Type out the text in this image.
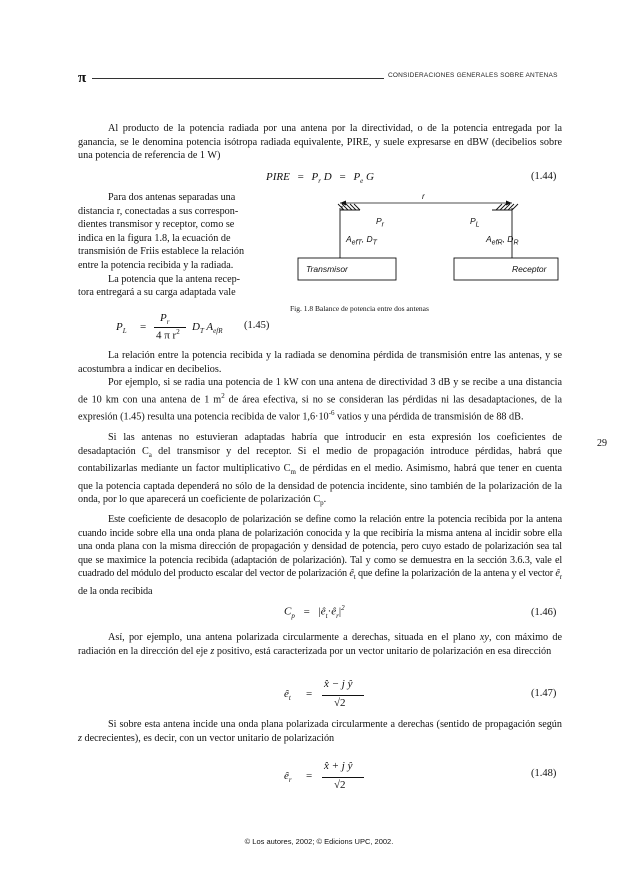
π	CONSIDERACIONES GENERALES SOBRE ANTENAS
Al producto de la potencia radiada por una antena por la directividad, o de la potencia entregada por la ganancia, se le denomina potencia isótropa radiada equivalente, PIRE, y suele expresarse en dBW (decibelios sobre una potencia de referencia de 1 W)
PIRE = $P_r$ $D = P_e$ G	(1.44)
Para dos antenas separadas una
distancia r, conectadas a sus correspon-
dientes transmisor y receptor, como se
indica en la figura 1.8, la ecuación de
transmisión de Friis establece la relación
entre la potencia recibida y la radiada.
La potencia que la antena recep-
tora entregará a su carga adaptada vale
$P_L$ =
$P_r$
4 π $r^2$ $D_T$ $A_{efR}$
(1.45)
r
$P_r$
$A_{efT}$, $D_T$
$P_L$
$A_{efR}$, $D_R$
Transmisor	Receptor
Fig. 1.8 Balance de potencia entre dos antenas
La relación entre la potencia recibida y la radiada se denomina pérdida de transmisión entre las antenas, y se acostumbra a indicar en decibelios.
Por ejemplo, si se radia una potencia de 1 kW con una antena de directividad 3 dB y se recibe a una distancia de 10 km con una antena de 1 $m^2$ de área efectiva, si no se consideran las pérdidas ni las desadaptaciones, de la expresión (1.45) resulta una potencia recibida de valor $1,6\cdot 10^{-6}$ vatios y una pérdida de transmisión de 88 dB.
29
Si las antenas no estuvieran adaptadas habría que introducir en esta expresión los coeficientes de desadaptación $C_a$ del transmisor y del receptor. Si el medio de propagación introduce pérdidas, habrá que contabilizarlas mediante un factor multiplicativo $C_m$ de pérdidas en el medio. Asimismo, habrá que tener en cuenta que la potencia captada dependerá no sólo de la densidad de potencia incidente, sino también de la polarización de la onda, por lo que aparecerá un coeficiente de polarización $C_p$.
Este coeficiente de desacoplo de polarización se define como la relación entre la potencia recibida por la antena cuando incide sobre ella una onda plana de polarización conocida y la que recibiría la misma antena al incidir sobre ella una onda plana con la misma dirección de propagación y densidad de potencia, pero cuyo estado de polarización sea tal que se maximice la potencia recibida (adaptación de polarización). Tal y como se demuestra en la sección 3.6.3, vale el cuadrado del módulo del producto escalar del vector de polarización $ê_t$ que define la polarización de la antena y el vector $ê_r$ de la onda recibida
$C_p$ = $|ê_t\cdot ê_r|^2$	(1.46)
Así, por ejemplo, una antena polarizada circularmente a derechas, situada en el plano xy, con máximo de radiación en la dirección del eje z positivo, está caracterizada por un vector unitario de polarización en esa dirección
$ê_t$ =
x̂ − j ŷ
√2
(1.47)
Si sobre esta antena incide una onda plana polarizada circularmente a derechas (sentido de propagación según z decrecientes), es decir, con un vector unitario de polarización
$ê_r$ =
x̂ + j ŷ
√2
(1.48)
© Los autores, 2002; © Edicions UPC, 2002.
